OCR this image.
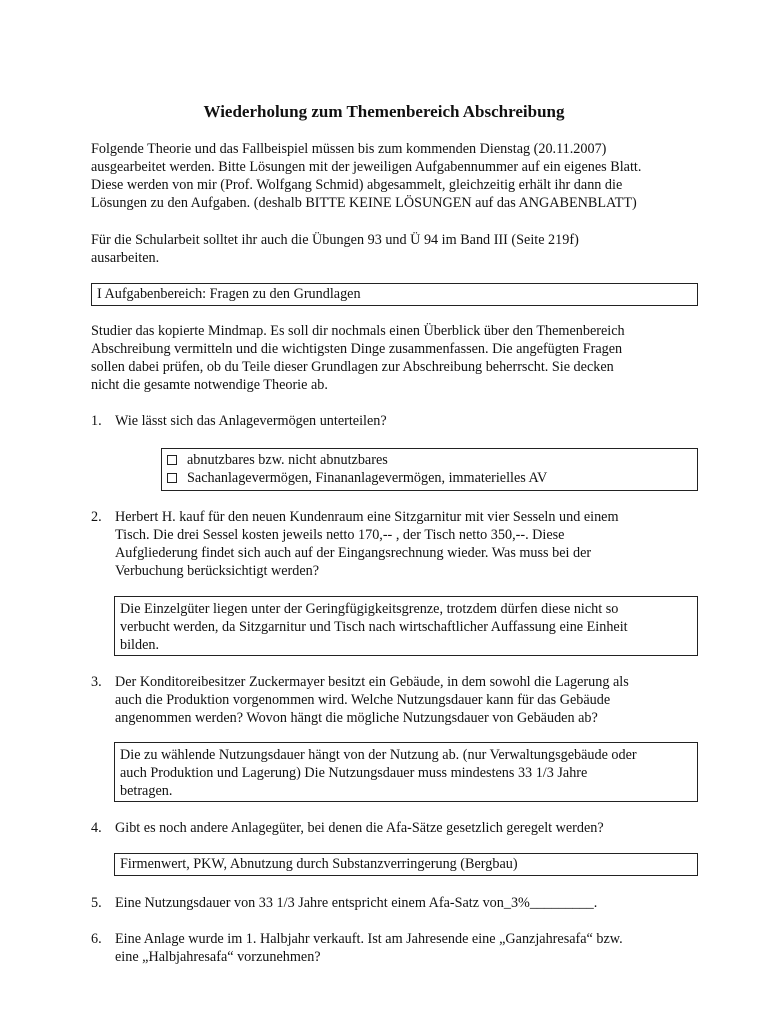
Wiederholung zum Themenbereich Abschreibung
Folgende Theorie und das Fallbeispiel müssen bis zum kommenden Dienstag (20.11.2007)
ausgearbeitet werden. Bitte Lösungen mit der jeweiligen Aufgabennummer auf ein eigenes Blatt.
Diese werden von mir (Prof. Wolfgang Schmid) abgesammelt, gleichzeitig erhält ihr dann die
Lösungen zu den Aufgaben. (deshalb BITTE KEINE LÖSUNGEN auf das ANGABENBLATT)
Für die Schularbeit solltet ihr auch die Übungen 93 und Ü 94 im Band III (Seite 219f)
ausarbeiten.
I Aufgabenbereich: Fragen zu den Grundlagen
Studier das kopierte Mindmap. Es soll dir nochmals einen Überblick über den Themenbereich
Abschreibung vermitteln und die wichtigsten Dinge zusammenfassen. Die angefügten Fragen
sollen dabei prüfen, ob du Teile dieser Grundlagen zur Abschreibung beherrscht. Sie decken
nicht die gesamte notwendige Theorie ab.
1. Wie lässt sich das Anlagevermögen unterteilen?
abnutzbares bzw. nicht abnutzbares
Sachanlagevermögen, Finananlagevermögen, immaterielles AV
2. Herbert H. kauf für den neuen Kundenraum eine Sitzgarnitur mit vier Sesseln und einem
Tisch. Die drei Sessel kosten jeweils netto 170,-- , der Tisch netto 350,--. Diese
Aufgliederung findet sich auch auf der Eingangsrechnung wieder. Was muss bei der
Verbuchung berücksichtigt werden?
Die Einzelgüter liegen unter der Geringfügigkeitsgrenze, trotzdem dürfen diese nicht so
verbucht werden, da Sitzgarnitur und Tisch nach wirtschaftlicher Auffassung eine Einheit
bilden.
3. Der Konditoreibesitzer Zuckermayer besitzt ein Gebäude, in dem sowohl die Lagerung als
auch die Produktion vorgenommen wird. Welche Nutzungsdauer kann für das Gebäude
angenommen werden? Wovon hängt die mögliche Nutzungsdauer von Gebäuden ab?
Die zu wählende Nutzungsdauer hängt von der Nutzung ab. (nur Verwaltungsgebäude oder
auch Produktion und Lagerung) Die Nutzungsdauer muss mindestens 33 1/3 Jahre
betragen.
4. Gibt es noch andere Anlagegüter, bei denen die Afa-Sätze gesetzlich geregelt werden?
Firmenwert, PKW, Abnutzung durch Substanzverringerung (Bergbau)
5. Eine Nutzungsdauer von 33 1/3 Jahre entspricht einem Afa-Satz von_3%_________.
6. Eine Anlage wurde im 1. Halbjahr verkauft. Ist am Jahresende eine „Ganzjahresafa“ bzw.
eine „Halbjahresafa“ vorzunehmen?
